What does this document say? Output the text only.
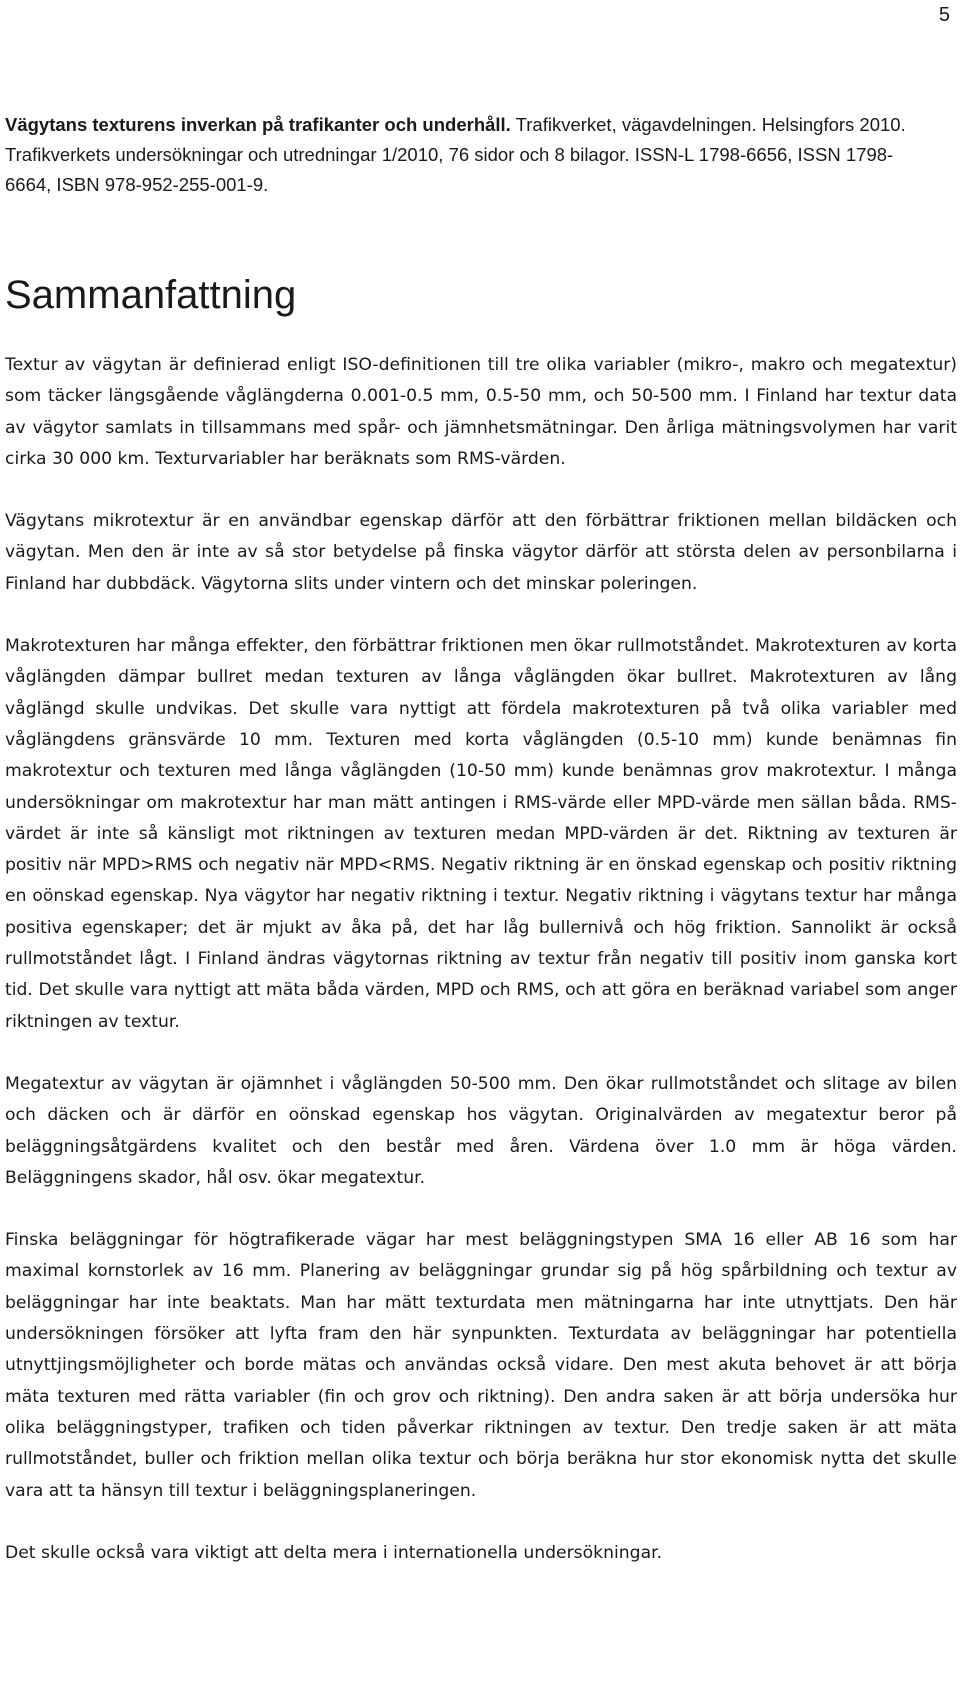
5
Vägytans texturens inverkan på trafikanter och underhåll. Trafikverket, vägavdelningen. Helsingfors 2010. Trafikverkets undersökningar och utredningar 1/2010, 76 sidor och 8 bilagor. ISSN-L 1798-6656, ISSN 1798-6664, ISBN 978-952-255-001-9.
Sammanfattning

Textur av vägytan är definierad enligt ISO-definitionen till tre olika variabler (mikro-, makro och megatextur) som täcker längsgående våglängderna 0.001-0.5 mm, 0.5-50 mm, och 50-500 mm. I Finland har textur data av vägytor samlats in tillsammans med spår- och jämnhetsmätningar. Den årliga mätningsvolymen har varit cirka 30 000 km. Texturvariabler har beräknats som RMS-värden.

Vägytans mikrotextur är en användbar egenskap därför att den förbättrar friktionen mellan bildäcken och vägytan. Men den är inte av så stor betydelse på finska vägytor därför att största delen av personbilarna i Finland har dubbdäck. Vägytorna slits under vintern och det minskar poleringen.

Makrotexturen har många effekter, den förbättrar friktionen men ökar rullmotståndet. Makrotexturen av korta våglängden dämpar bullret medan texturen av långa våglängden ökar bullret. Makrotexturen av lång våglängd skulle undvikas. Det skulle vara nyttigt att fördela makrotexturen på två olika variabler med våglängdens gränsvärde 10 mm. Texturen med korta våglängden (0.5-10 mm) kunde benämnas fin makrotextur och texturen med långa våglängden (10-50 mm) kunde benämnas grov makrotextur. I många undersökningar om makrotextur har man mätt antingen i RMS-värde eller MPD-värde men sällan båda. RMS-värdet är inte så känsligt mot riktningen av texturen medan MPD-värden är det. Riktning av texturen är positiv när MPD>RMS och negativ när MPD<RMS. Negativ riktning är en önskad egenskap och positiv riktning en oönskad egenskap. Nya vägytor har negativ riktning i textur. Negativ riktning i vägytans textur har många positiva egenskaper; det är mjukt av åka på, det har låg bullernivå och hög friktion. Sannolikt är också rullmotståndet lågt. I Finland ändras vägytornas riktning av textur från negativ till positiv inom ganska kort tid. Det skulle vara nyttigt att mäta båda värden, MPD och RMS, och att göra en beräknad variabel som anger riktningen av textur.

Megatextur av vägytan är ojämnhet i våglängden 50-500 mm. Den ökar rullmotståndet och slitage av bilen och däcken och är därför en oönskad egenskap hos vägytan. Originalvärden av megatextur beror på beläggningsåtgärdens kvalitet och den består med åren. Värdena över 1.0 mm är höga värden. Beläggningens skador, hål osv. ökar megatextur.

Finska beläggningar för högtrafikerade vägar har mest beläggningstypen SMA 16 eller AB 16 som har maximal kornstorlek av 16 mm. Planering av beläggningar grundar sig på hög spårbildning och textur av beläggningar har inte beaktats. Man har mätt texturdata men mätningarna har inte utnyttjats. Den här undersökningen försöker att lyfta fram den här synpunkten. Texturdata av beläggningar har potentiella utnyttjingsmöjligheter och borde mätas och användas också vidare. Den mest akuta behovet är att börja mäta texturen med rätta variabler (fin och grov och riktning). Den andra saken är att börja undersöka hur olika beläggningstyper, trafiken och tiden påverkar riktningen av textur. Den tredje saken är att mäta rullmotståndet, buller och friktion mellan olika textur och börja beräkna hur stor ekonomisk nytta det skulle vara att ta hänsyn till textur i beläggningsplaneringen.

Det skulle också vara viktigt att delta mera i internationella undersökningar.
